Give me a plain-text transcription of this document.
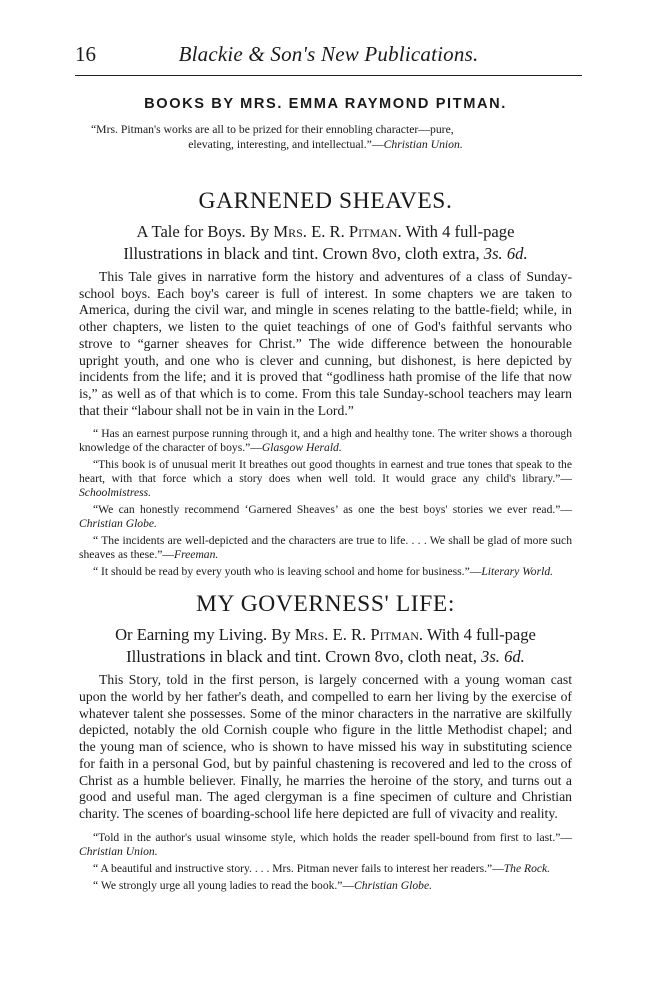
16	Blackie & Son's New Publications.
BOOKS BY MRS. EMMA RAYMOND PITMAN.
“Mrs. Pitman's works are all to be prized for their ennobling character—pure,
elevating, interesting, and intellectual.”—Christian Union.
GARNENED SHEAVES.
A Tale for Boys. By Mrs. E. R. Pitman. With 4 full-page
Illustrations in black and tint. Crown 8vo, cloth extra, 3s. 6d.

This Tale gives in narrative form the history and adventures of a class of Sunday-school boys. Each boy's career is full of interest. In some chapters we are taken to America, during the civil war, and mingle in scenes relating to the battle-field; while, in other chapters, we listen to the quiet teachings of one of God's faithful servants who strove to “garner sheaves for Christ.” The wide difference between the honourable upright youth, and one who is clever and cunning, but dishonest, is here depicted by incidents from the life; and it is proved that “godliness hath promise of the life that now is,” as well as of that which is to come. From this tale Sunday-school teachers may learn that their “labour shall not be in vain in the Lord.”

“ Has an earnest purpose running through it, and a high and healthy tone. The writer shows a thorough knowledge of the character of boys.”—Glasgow Herald.

“This book is of unusual merit It breathes out good thoughts in earnest and true tones that speak to the heart, with that force which a story does when well told. It would grace any child's library.”—Schoolmistress.

“We can honestly recommend ‘Garnered Sheaves’ as one the best boys' stories we ever read.”—Christian Globe.

“ The incidents are well-depicted and the characters are true to life. . . . We shall be glad of more such sheaves as these.”—Freeman.

“ It should be read by every youth who is leaving school and home for business.”—Literary World.

MY GOVERNESS' LIFE:
Or Earning my Living. By Mrs. E. R. Pitman. With 4 full-page
Illustrations in black and tint. Crown 8vo, cloth neat, 3s. 6d.

This Story, told in the first person, is largely concerned with a young woman cast upon the world by her father's death, and compelled to earn her living by the exercise of whatever talent she possesses. Some of the minor characters in the narrative are skilfully depicted, notably the old Cornish couple who figure in the little Methodist chapel; and the young man of science, who is shown to have missed his way in substituting science for faith in a personal God, but by painful chastening is recovered and led to the cross of Christ as a humble believer. Finally, he marries the heroine of the story, and turns out a good and useful man. The aged clergyman is a fine specimen of culture and Christian charity. The scenes of boarding-school life here depicted are full of vivacity and reality.

“Told in the author's usual winsome style, which holds the reader spell-bound from first to last.”—Christian Union.

“ A beautiful and instructive story. . . . Mrs. Pitman never fails to interest her readers.”—The Rock.

“ We strongly urge all young ladies to read the book.”—Christian Globe.
